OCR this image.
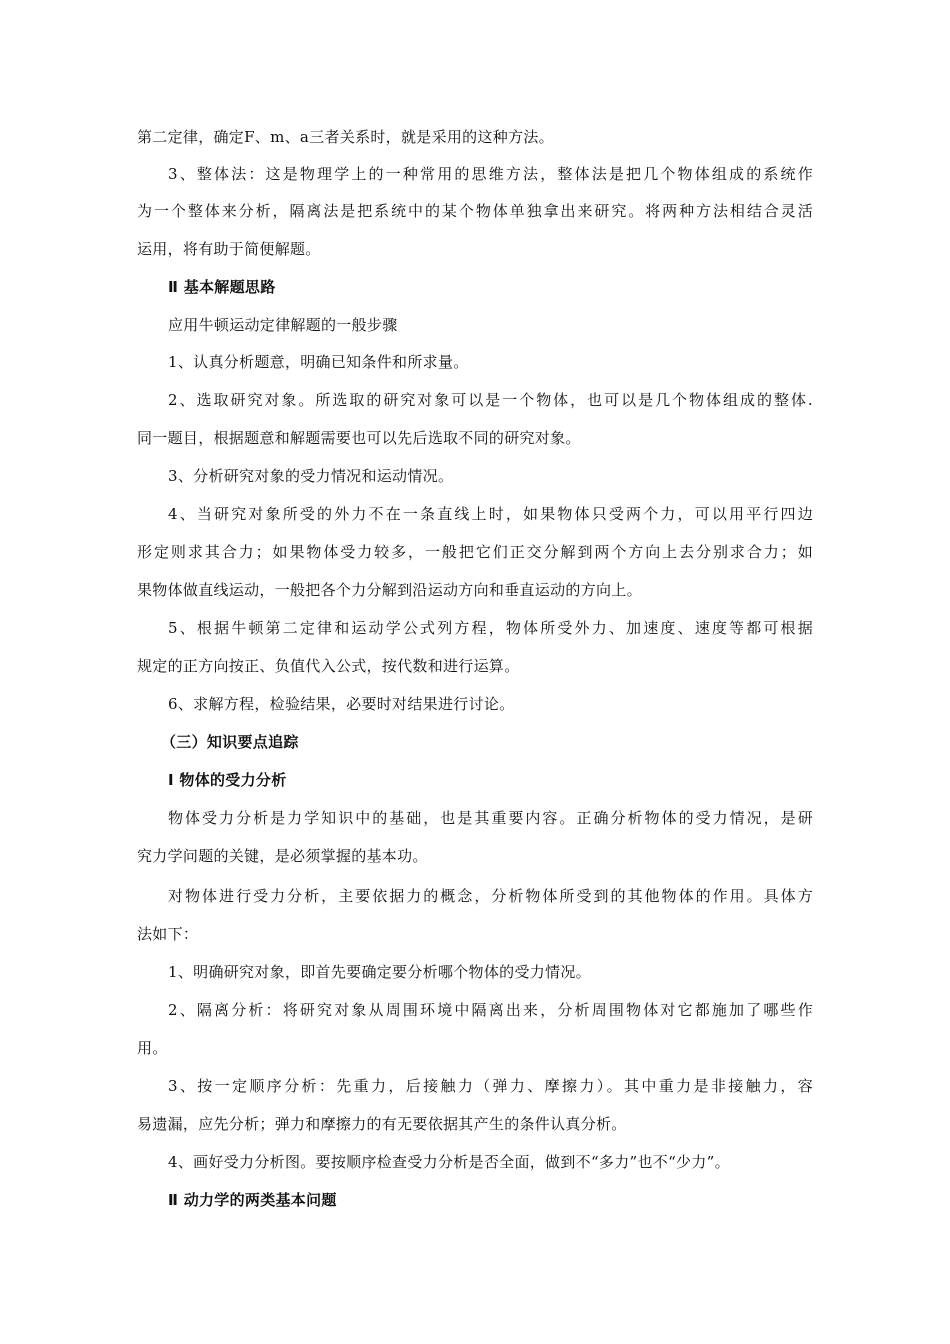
第二定律，确定F、m、a三者关系时，就是采用的这种方法。
3、整体法：这是物理学上的一种常用的思维方法，整体法是把几个物体组成的系统作
为一个整体来分析，隔离法是把系统中的某个物体单独拿出来研究。将两种方法相结合灵活
运用，将有助于简便解题。
Ⅱ 基本解题思路
应用牛顿运动定律解题的一般步骤
1、认真分析题意，明确已知条件和所求量。
2、选取研究对象。所选取的研究对象可以是一个物体，也可以是几个物体组成的整体.
同一题目，根据题意和解题需要也可以先后选取不同的研究对象。
3、分析研究对象的受力情况和运动情况。
4、当研究对象所受的外力不在一条直线上时，如果物体只受两个力，可以用平行四边
形定则求其合力；如果物体受力较多，一般把它们正交分解到两个方向上去分别求合力；如
果物体做直线运动，一般把各个力分解到沿运动方向和垂直运动的方向上。
5、根据牛顿第二定律和运动学公式列方程，物体所受外力、加速度、速度等都可根据
规定的正方向按正、负值代入公式，按代数和进行运算。
6、求解方程，检验结果，必要时对结果进行讨论。
（三）知识要点追踪
Ⅰ 物体的受力分析
物体受力分析是力学知识中的基础，也是其重要内容。正确分析物体的受力情况，是研
究力学问题的关键，是必须掌握的基本功。
对物体进行受力分析，主要依据力的概念，分析物体所受到的其他物体的作用。具体方
法如下：
1、明确研究对象，即首先要确定要分析哪个物体的受力情况。
2、隔离分析：将研究对象从周围环境中隔离出来，分析周围物体对它都施加了哪些作
用。
3、按一定顺序分析：先重力，后接触力（弹力、摩擦力）。其中重力是非接触力，容
易遗漏，应先分析；弹力和摩擦力的有无要依据其产生的条件认真分析。
4、画好受力分析图。要按顺序检查受力分析是否全面，做到不“多力”也不“少力”。
Ⅱ 动力学的两类基本问题
